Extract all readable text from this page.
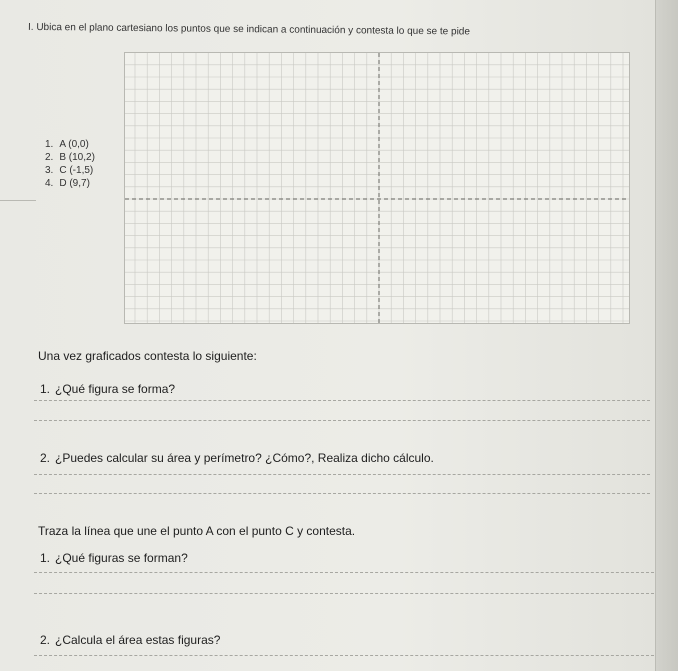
I. Ubica en el plano cartesiano los puntos que se indican a continuación y contesta lo que se te pide
1. A (0,0)
2. B (10,2)
3. C (-1,5)
4. D (9,7)
Una vez graficados contesta lo siguiente:
1. ¿Qué figura se forma?
2. ¿Puedes calcular su área y perímetro? ¿Cómo?, Realiza dicho cálculo.
Traza la línea que une el punto A con el punto C y contesta.
1. ¿Qué figuras se forman?
2. ¿Calcula el área estas figuras?
